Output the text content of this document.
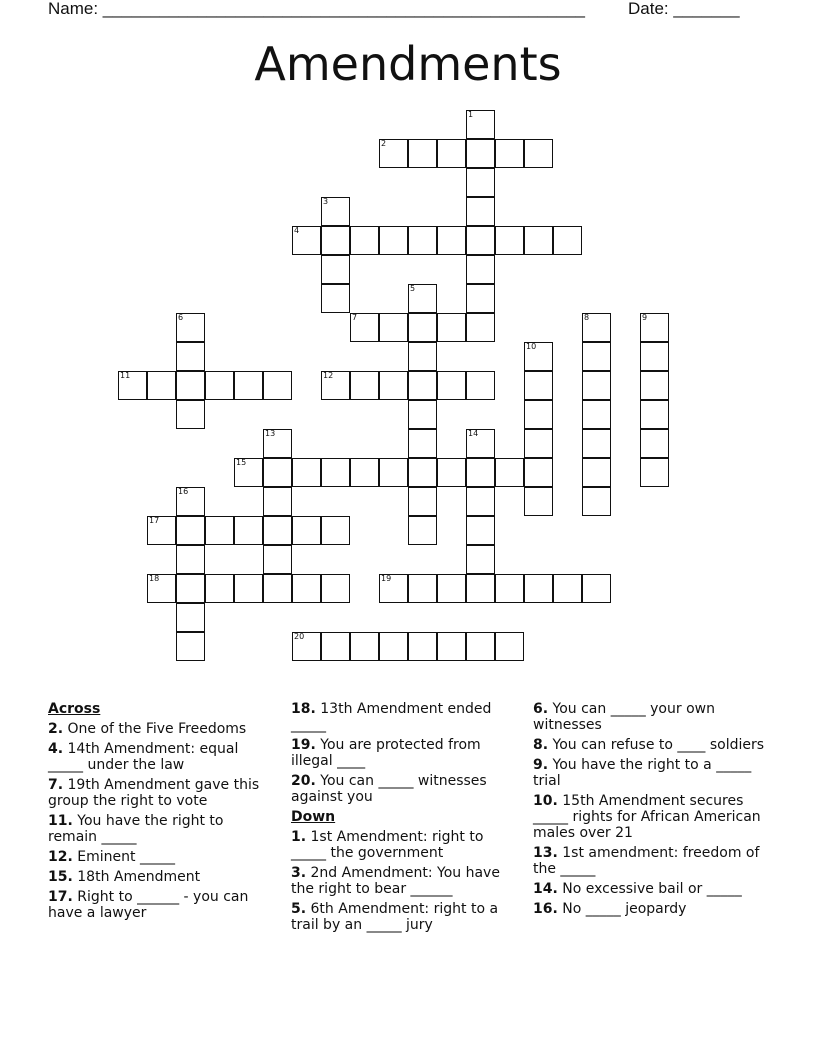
Name: ___________________________________________________	Date: _______
Amendments
1
2
3
4
5
6	7	8	9
10
11	12
13	14
15
16
17
18	19
20
Across
2. One of the Five Freedoms
4. 14th Amendment: equal _____ under the law
7. 19th Amendment gave this group the right to vote
11. You have the right to remain _____
12. Eminent _____
15. 18th Amendment
17. Right to ______ - you can have a lawyer
18. 13th Amendment ended _____
19. You are protected from illegal ____
20. You can _____ witnesses against you
Down
1. 1st Amendment: right to _____ the government
3. 2nd Amendment: You have the right to bear ______
5. 6th Amendment: right to a trail by an _____ jury
6. You can _____ your own witnesses
8. You can refuse to ____ soldiers
9. You have the right to a _____ trial
10. 15th Amendment secures _____ rights for African American males over 21
13. 1st amendment: freedom of the _____
14. No excessive bail or _____
16. No _____ jeopardy
